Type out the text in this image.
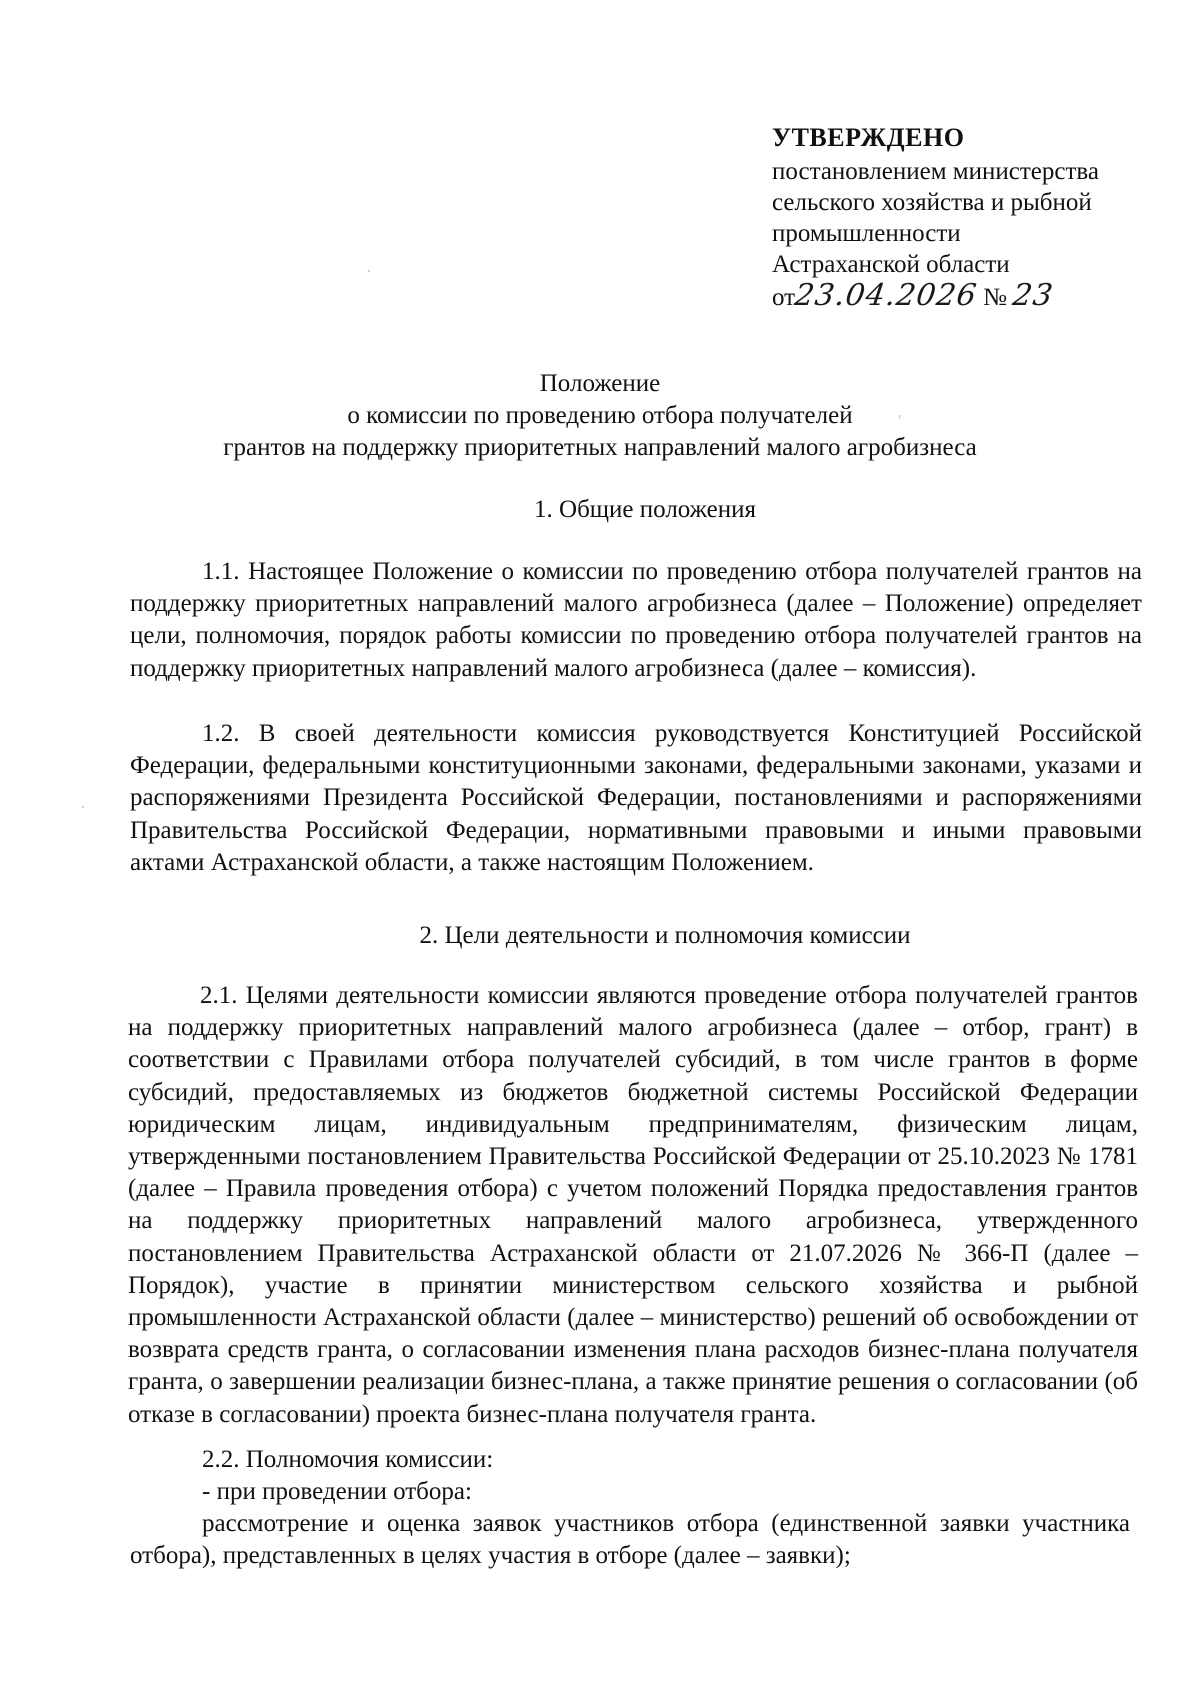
УТВЕРЖДЕНО
постановлением министерства
сельского хозяйства и рыбной
промышленности
Астраханской области
от23.04.2026 № 23
Положение
о комиссии по проведению отбора получателей
грантов на поддержку приоритетных направлений малого агробизнеса
1. Общие положения

1.1. Настоящее Положение о комиссии по проведению отбора получателей грантов на поддержку приоритетных направлений малого агробизнеса (далее – Положение) определяет цели, полномочия, порядок работы комиссии по проведению отбора получателей грантов на поддержку приоритетных направлений малого агробизнеса (далее – комиссия).

1.2. В своей деятельности комиссия руководствуется Конституцией Российской Федерации, федеральными конституционными законами, федеральными законами, указами и распоряжениями Президента Российской Федерации, постановлениями и распоряжениями Правительства Российской Федерации, нормативными правовыми и иными правовыми актами Астраханской области, а также настоящим Положением.

2. Цели деятельности и полномочия комиссии

2.1. Целями деятельности комиссии являются проведение отбора получателей грантов на поддержку приоритетных направлений малого агробизнеса (далее – отбор, грант) в соответствии с Правилами отбора получателей субсидий, в том числе грантов в форме субсидий, предоставляемых из бюджетов бюджетной системы Российской Федерации юридическим лицам, индивидуальным предпринимателям, физическим лицам, утвержденными постановлением Правительства Российской Федерации от 25.10.2023 № 1781 (далее – Правила проведения отбора) с учетом положений Порядка предоставления грантов на поддержку приоритетных направлений малого агробизнеса, утвержденного постановлением Правительства Астраханской области от 21.07.2026 № 366-П (далее – Порядок), участие в принятии министерством сельского хозяйства и рыбной промышленности Астраханской области (далее – министерство) решений об освобождении от возврата средств гранта, о согласовании изменения плана расходов бизнес-плана получателя гранта, о завершении реализации бизнес-плана, а также принятие решения о согласовании (об отказе в согласовании) проекта бизнес-плана получателя гранта.

2.2. Полномочия комиссии:

- при проведении отбора:

рассмотрение и оценка заявок участников отбора (единственной заявки участника отбора), представленных в целях участия в отборе (далее – заявки);

·
·
'
